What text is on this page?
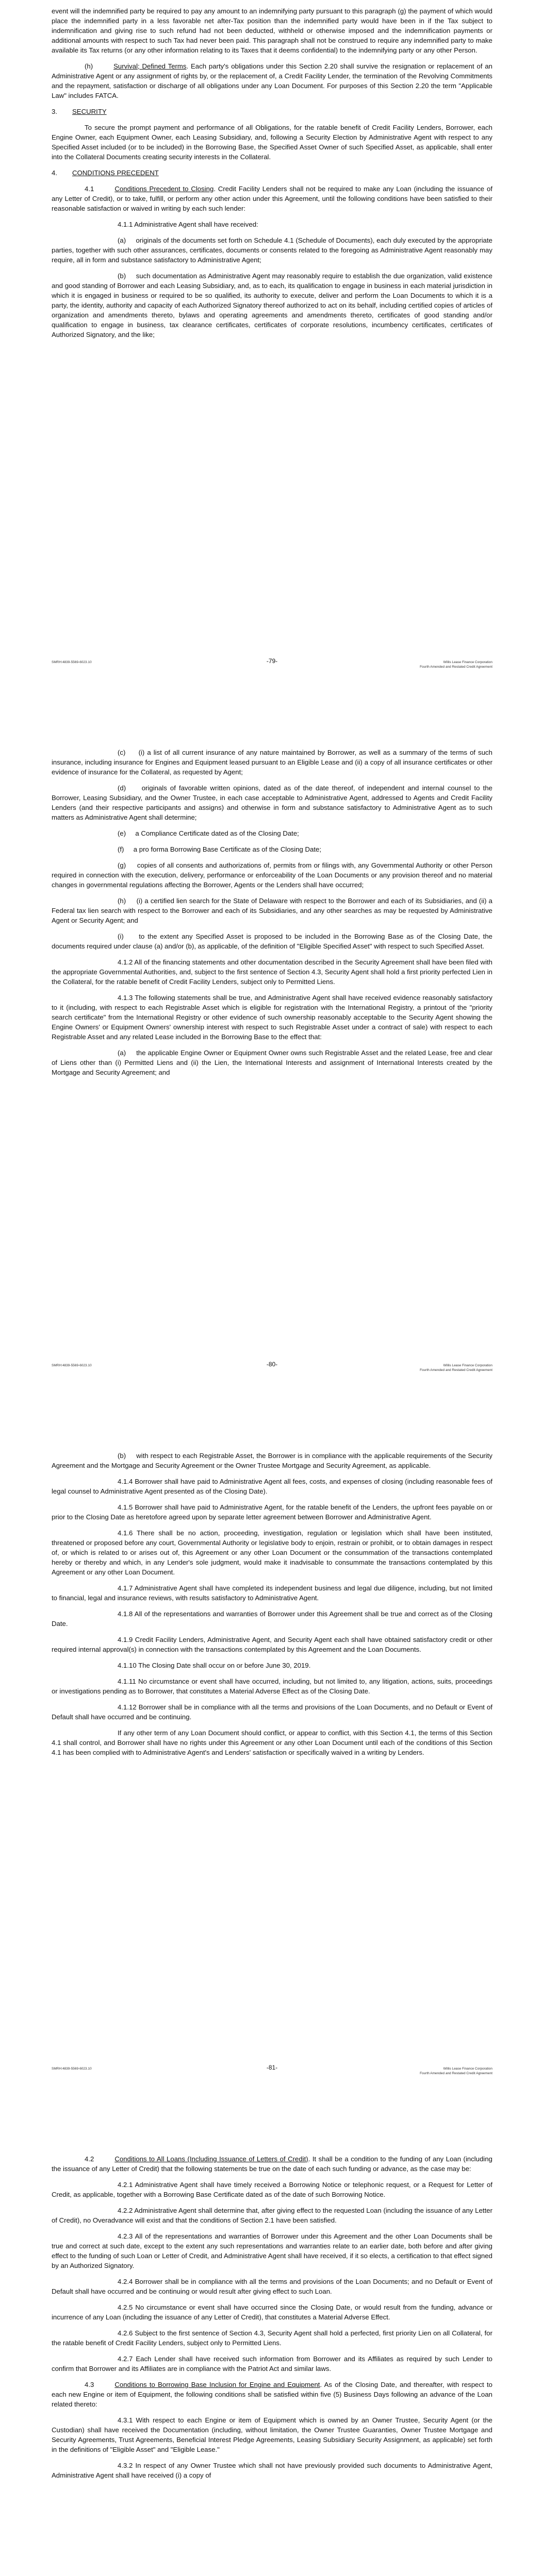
event will the indemnified party be required to pay any amount to an indemnifying party pursuant to this paragraph (g) the payment of which would place the indemnified party in a less favorable net after-Tax position than the indemnified party would have been in if the Tax subject to indemnification and giving rise to such refund had not been deducted, withheld or otherwise imposed and the indemnification payments or additional amounts with respect to such Tax had never been paid. This paragraph shall not be construed to require any indemnified party to make available its Tax returns (or any other information relating to its Taxes that it deems confidential) to the indemnifying party or any other Person.

(h)	Survival; Defined Terms. Each party's obligations under this Section 2.20 shall survive the resignation or replacement of an Administrative Agent or any assignment of rights by, or the replacement of, a Credit Facility Lender, the termination of the Revolving Commitments and the repayment, satisfaction or discharge of all obligations under any Loan Document. For purposes of this Section 2.20 the term "Applicable Law" includes FATCA.

3. SECURITY

To secure the prompt payment and performance of all Obligations, for the ratable benefit of Credit Facility Lenders, Borrower, each Engine Owner, each Equipment Owner, each Leasing Subsidiary, and, following a Security Election by Administrative Agent with respect to any Specified Asset included (or to be included) in the Borrowing Base, the Specified Asset Owner of such Specified Asset, as applicable, shall enter into the Collateral Documents creating security interests in the Collateral.

4. CONDITIONS PRECEDENT

4.1	Conditions Precedent to Closing. Credit Facility Lenders shall not be required to make any Loan (including the issuance of any Letter of Credit), or to take, fulfill, or perform any other action under this Agreement, until the following conditions have been satisfied to their reasonable satisfaction or waived in writing by each such lender:

4.1.1 Administrative Agent shall have received:

(a)     originals of the documents set forth on Schedule 4.1 (Schedule of Documents), each duly executed by the appropriate parties, together with such other assurances, certificates, documents or consents related to the foregoing as Administrative Agent reasonably may require, all in form and substance satisfactory to Administrative Agent;

(b)     such documentation as Administrative Agent may reasonably require to establish the due organization, valid existence and good standing of Borrower and each Leasing Subsidiary, and, as to each, its qualification to engage in business in each material jurisdiction in which it is engaged in business or required to be so qualified, its authority to execute, deliver and perform the Loan Documents to which it is a party, the identity, authority and capacity of each Authorized Signatory thereof authorized to act on its behalf, including certified copies of articles of organization and amendments thereto, bylaws and operating agreements and amendments thereto, certificates of good standing and/or qualification to engage in business, tax clearance certificates, certificates of corporate resolutions, incumbency certificates, certificates of Authorized Signatory, and the like;

SMRH:4839-5569-6023.10	-79-	Willis Lease Finance Corporation
Fourth Amended and Restated Credit Agreement

(c)     (i) a list of all current insurance of any nature maintained by Borrower, as well as a summary of the terms of such insurance, including insurance for Engines and Equipment leased pursuant to an Eligible Lease and (ii) a copy of all insurance certificates or other evidence of insurance for the Collateral, as requested by Agent;

(d)     originals of favorable written opinions, dated as of the date thereof, of independent and internal counsel to the Borrower, Leasing Subsidiary, and the Owner Trustee, in each case acceptable to Administrative Agent, addressed to Agents and Credit Facility Lenders (and their respective participants and assigns) and otherwise in form and substance satisfactory to Administrative Agent as to such matters as Administrative Agent shall determine;

(e)     a Compliance Certificate dated as of the Closing Date;

(f)     a pro forma Borrowing Base Certificate as of the Closing Date;

(g)     copies of all consents and authorizations of, permits from or filings with, any Governmental Authority or other Person required in connection with the execution, delivery, performance or enforceability of the Loan Documents or any provision thereof and no material changes in governmental regulations affecting the Borrower, Agents or the Lenders shall have occurred;

(h)     (i) a certified lien search for the State of Delaware with respect to the Borrower and each of its Subsidiaries, and (ii) a Federal tax lien search with respect to the Borrower and each of its Subsidiaries, and any other searches as may be requested by Administrative Agent or Security Agent; and

(i)     to the extent any Specified Asset is proposed to be included in the Borrowing Base as of the Closing Date, the documents required under clause (a) and/or (b), as applicable, of the definition of "Eligible Specified Asset" with respect to such Specified Asset.

4.1.2 All of the financing statements and other documentation described in the Security Agreement shall have been filed with the appropriate Governmental Authorities, and, subject to the first sentence of Section 4.3, Security Agent shall hold a first priority perfected Lien in the Collateral, for the ratable benefit of Credit Facility Lenders, subject only to Permitted Liens.

4.1.3 The following statements shall be true, and Administrative Agent shall have received evidence reasonably satisfactory to it (including, with respect to each Registrable Asset which is eligible for registration with the International Registry, a printout of the "priority search certificate" from the International Registry or other evidence of such ownership reasonably acceptable to the Security Agent showing the Engine Owners' or Equipment Owners' ownership interest with respect to such Registrable Asset under a contract of sale) with respect to each Registrable Asset and any related Lease included in the Borrowing Base to the effect that:

(a)     the applicable Engine Owner or Equipment Owner owns such Registrable Asset and the related Lease, free and clear of Liens other than (i) Permitted Liens and (ii) the Lien, the International Interests and assignment of International Interests created by the Mortgage and Security Agreement; and

SMRH:4839-5569-6023.10	-80-	Willis Lease Finance Corporation
Fourth Amended and Restated Credit Agreement

(b)     with respect to each Registrable Asset, the Borrower is in compliance with the applicable requirements of the Security Agreement and the Mortgage and Security Agreement or the Owner Trustee Mortgage and Security Agreement, as applicable.

4.1.4 Borrower shall have paid to Administrative Agent all fees, costs, and expenses of closing (including reasonable fees of legal counsel to Administrative Agent presented as of the Closing Date).

4.1.5 Borrower shall have paid to Administrative Agent, for the ratable benefit of the Lenders, the upfront fees payable on or prior to the Closing Date as heretofore agreed upon by separate letter agreement between Borrower and Administrative Agent.

4.1.6 There shall be no action, proceeding, investigation, regulation or legislation which shall have been instituted, threatened or proposed before any court, Governmental Authority or legislative body to enjoin, restrain or prohibit, or to obtain damages in respect of, or which is related to or arises out of, this Agreement or any other Loan Document or the consummation of the transactions contemplated hereby or thereby and which, in any Lender's sole judgment, would make it inadvisable to consummate the transactions contemplated by this Agreement or any other Loan Document.

4.1.7 Administrative Agent shall have completed its independent business and legal due diligence, including, but not limited to financial, legal and insurance reviews, with results satisfactory to Administrative Agent.

4.1.8 All of the representations and warranties of Borrower under this Agreement shall be true and correct as of the Closing Date.

4.1.9 Credit Facility Lenders, Administrative Agent, and Security Agent each shall have obtained satisfactory credit or other required internal approval(s) in connection with the transactions contemplated by this Agreement and the Loan Documents.

4.1.10 The Closing Date shall occur on or before June 30, 2019.

4.1.11 No circumstance or event shall have occurred, including, but not limited to, any litigation, actions, suits, proceedings or investigations pending as to Borrower, that constitutes a Material Adverse Effect as of the Closing Date.

4.1.12 Borrower shall be in compliance with all the terms and provisions of the Loan Documents, and no Default or Event of Default shall have occurred and be continuing.

If any other term of any Loan Document should conflict, or appear to conflict, with this Section 4.1, the terms of this Section 4.1 shall control, and Borrower shall have no rights under this Agreement or any other Loan Document until each of the conditions of this Section 4.1 has been complied with to Administrative Agent's and Lenders' satisfaction or specifically waived in a writing by Lenders.

SMRH:4839-5569-6023.10	-81-	Willis Lease Finance Corporation
Fourth Amended and Restated Credit Agreement

4.2	Conditions to All Loans (Including Issuance of Letters of Credit). It shall be a condition to the funding of any Loan (including the issuance of any Letter of Credit) that the following statements be true on the date of each such funding or advance, as the case may be:

4.2.1 Administrative Agent shall have timely received a Borrowing Notice or telephonic request, or a Request for Letter of Credit, as applicable, together with a Borrowing Base Certificate dated as of the date of such Borrowing Notice.

4.2.2 Administrative Agent shall determine that, after giving effect to the requested Loan (including the issuance of any Letter of Credit), no Overadvance will exist and that the conditions of Section 2.1 have been satisfied.

4.2.3 All of the representations and warranties of Borrower under this Agreement and the other Loan Documents shall be true and correct at such date, except to the extent any such representations and warranties relate to an earlier date, both before and after giving effect to the funding of such Loan or Letter of Credit, and Administrative Agent shall have received, if it so elects, a certification to that effect signed by an Authorized Signatory.

4.2.4 Borrower shall be in compliance with all the terms and provisions of the Loan Documents; and no Default or Event of Default shall have occurred and be continuing or would result after giving effect to such Loan.

4.2.5 No circumstance or event shall have occurred since the Closing Date, or would result from the funding, advance or incurrence of any Loan (including the issuance of any Letter of Credit), that constitutes a Material Adverse Effect.

4.2.6 Subject to the first sentence of Section 4.3, Security Agent shall hold a perfected, first priority Lien on all Collateral, for the ratable benefit of Credit Facility Lenders, subject only to Permitted Liens.

4.2.7 Each Lender shall have received such information from Borrower and its Affiliates as required by such Lender to confirm that Borrower and its Affiliates are in compliance with the Patriot Act and similar laws.

4.3	Conditions to Borrowing Base Inclusion for Engine and Equipment. As of the Closing Date, and thereafter, with respect to each new Engine or item of Equipment, the following conditions shall be satisfied within five (5) Business Days following an advance of the Loan related thereto:

4.3.1 With respect to each Engine or item of Equipment which is owned by an Owner Trustee, Security Agent (or the Custodian) shall have received the Documentation (including, without limitation, the Owner Trustee Guaranties, Owner Trustee Mortgage and Security Agreements, Trust Agreements, Beneficial Interest Pledge Agreements, Leasing Subsidiary Security Assignment, as applicable) set forth in the definitions of "Eligible Asset" and "Eligible Lease."

4.3.2 In respect of any Owner Trustee which shall not have previously provided such documents to Administrative Agent, Administrative Agent shall have received (i) a copy of
